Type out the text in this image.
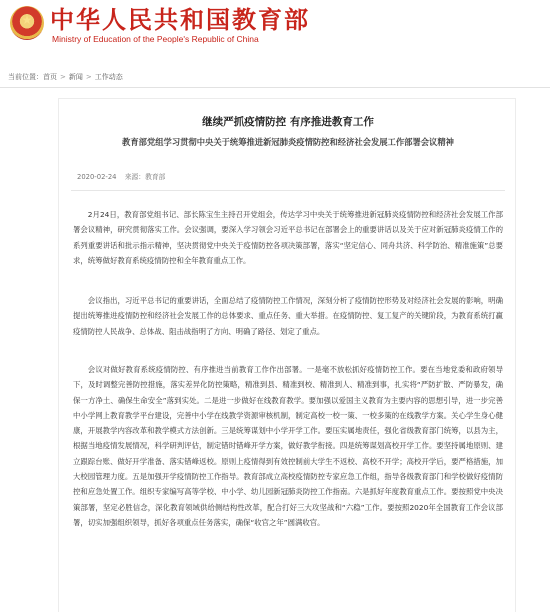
★ 中华人民共和国教育部
Ministry of Education of the People's Republic of China
当前位置：首页 > 新闻 > 工作动态
继续严抓疫情防控 有序推进教育工作
教育部党组学习贯彻中央关于统筹推进新冠肺炎疫情防控和经济社会发展工作部署会议精神
2020-02-24 来源：教育部

2月24日，教育部党组书记、部长陈宝生主持召开党组会，传达学习中央关于统筹推进新冠肺炎疫情防控和经济社会发展工作部署会议精神，研究贯彻落实工作。会议强调，要深入学习领会习近平总书记在部署会上的重要讲话以及关于应对新冠肺炎疫情工作的系列重要讲话和批示指示精神，坚决贯彻党中央关于疫情防控各项决策部署，落实“坚定信心、同舟共济、科学防治、精准施策”总要求，统筹做好教育系统疫情防控和全年教育重点工作。

会议指出，习近平总书记的重要讲话，全面总结了疫情防控工作情况，深刻分析了疫情防控形势及对经济社会发展的影响，明确提出统筹推进疫情防控和经济社会发展工作的总体要求、重点任务、重大举措。在疫情防控、复工复产的关键阶段，为教育系统打赢疫情防控人民战争、总体战、阻击战指明了方向、明确了路径、划定了重点。

会议对做好教育系统疫情防控、有序推进当前教育工作作出部署。一是毫不放松抓好疫情防控工作。要在当地党委和政府领导下，及时调整完善防控措施，落实差异化防控策略，精准到县、精准到校、精准到人、精准到事，扎实将“严防扩散、严防暴发，确保一方净土、确保生命安全”落到实处。二是进一步做好在线教育教学。要加强以爱国主义教育为主要内容的思想引导，进一步完善中小学网上教育教学平台建设，完善中小学在线教学资源审核机制，制定高校一校一策、一校多策的在线教学方案。关心学生身心健康，开展教学内容改革和教学模式方法创新。三是统筹谋划中小学开学工作。要压实属地责任，强化省级教育部门统筹，以县为主，根据当地疫情发展情况，科学研判评估，制定错时错峰开学方案，做好教学衔接。四是统筹谋划高校开学工作。要坚持属地原则、建立跟踪台账、做好开学准备、落实错峰返校。原则上疫情得到有效控制前大学生不返校、高校不开学；高校开学后，要严格措施，加大校园管理力度。五是加强开学疫情防控工作指导。教育部成立高校疫情防控专家应急工作组，指导各级教育部门和学校做好疫情防控和应急处置工作。组织专家编写高等学校、中小学、幼儿园新冠肺炎防控工作指南。六是抓好年度教育重点工作。要按照党中央决策部署，坚定必胜信念，深化教育领域供给侧结构性改革，配合打好三大攻坚战和“六稳”工作。要按照2020年全国教育工作会议部署，切实加强组织领导，抓好各项重点任务落实，确保“收官之年”圆满收官。
